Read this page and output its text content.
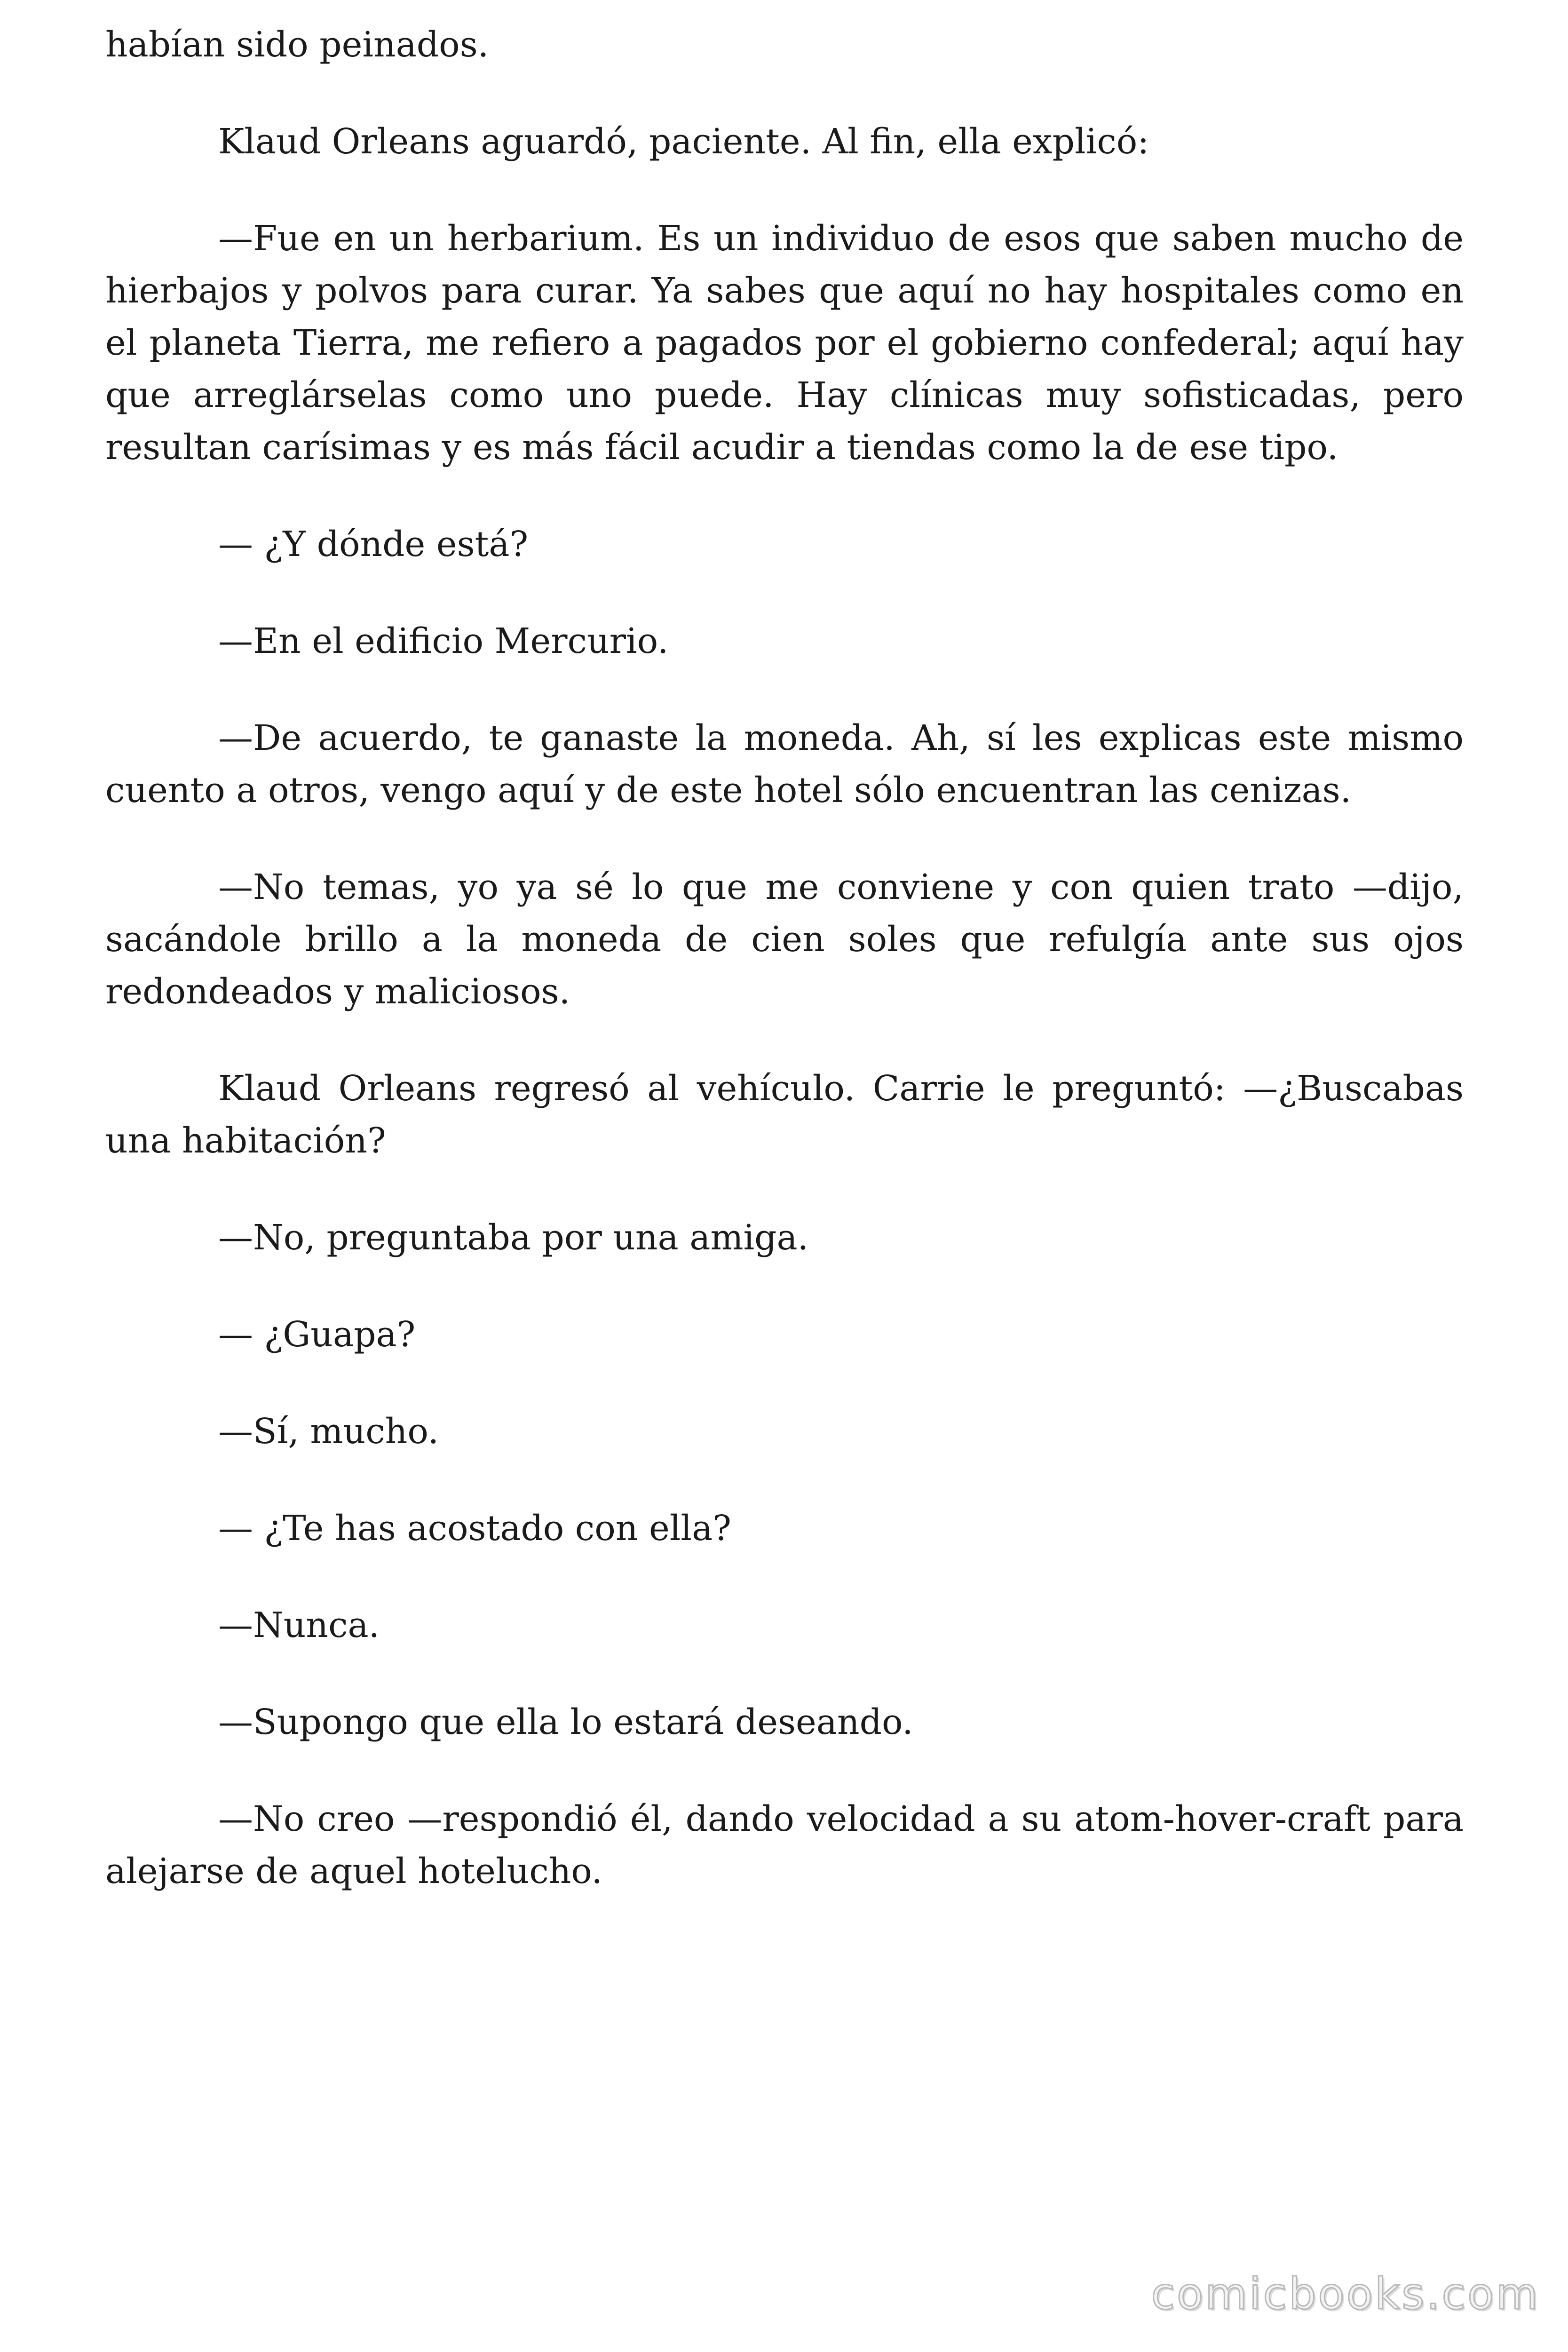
habían sido peinados.

Klaud Orleans aguardó, paciente. Al fin, ella explicó:

—Fue en un herbarium. Es un individuo de esos que saben mucho de hierbajos y polvos para curar. Ya sabes que aquí no hay hospitales como en el planeta Tierra, me refiero a pagados por el gobierno confederal; aquí hay que arreglárselas como uno puede. Hay clínicas muy sofisticadas, pero resultan carísimas y es más fácil acudir a tiendas como la de ese tipo.

— ¿Y dónde está?

—En el edificio Mercurio.

—De acuerdo, te ganaste la moneda. Ah, sí les explicas este mismo cuento a otros, vengo aquí y de este hotel sólo encuentran las cenizas.

—No temas, yo ya sé lo que me conviene y con quien trato —dijo, sacándole brillo a la moneda de cien soles que refulgía ante sus ojos redondeados y maliciosos.

Klaud Orleans regresó al vehículo. Carrie le preguntó: —¿Buscabas una habitación?

—No, preguntaba por una amiga.

— ¿Guapa?

—Sí, mucho.

— ¿Te has acostado con ella?

—Nunca.

—Supongo que ella lo estará deseando.

—No creo —respondió él, dando velocidad a su atom-hover-craft para alejarse de aquel hotelucho.

comicbooks.com
